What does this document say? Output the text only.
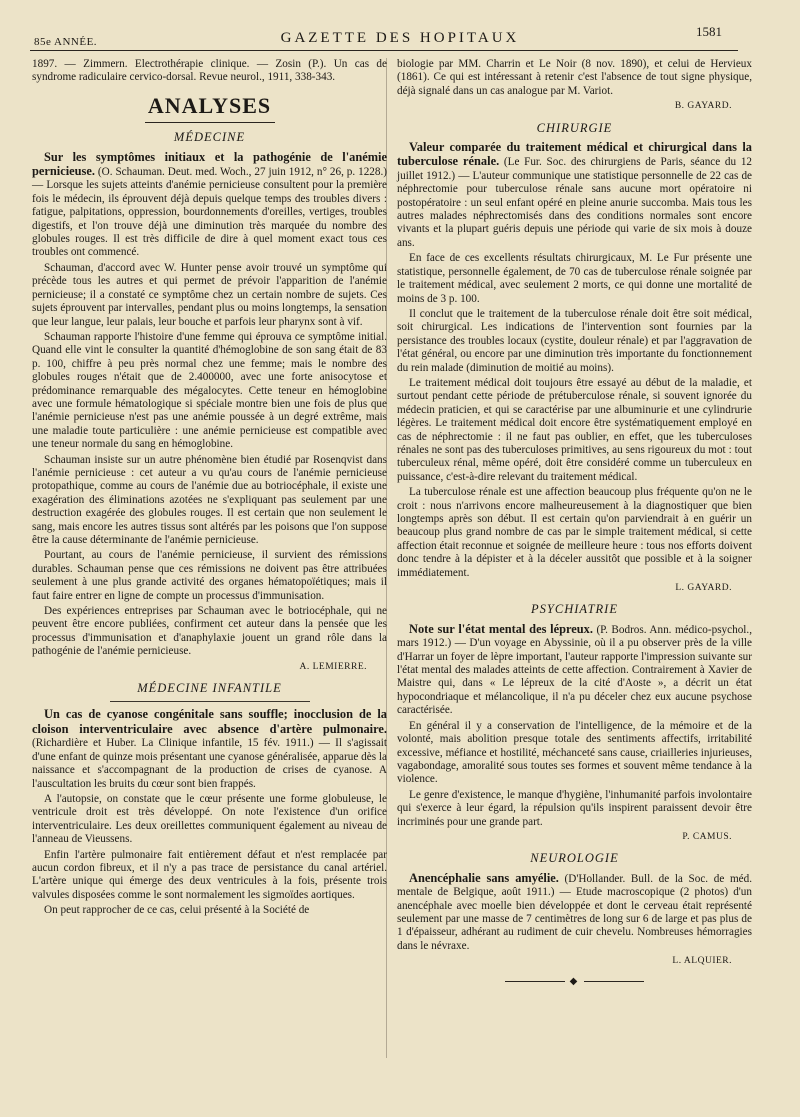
85e ANNÉE.	GAZETTE DES HOPITAUX	1581

1897. — Zimmern. Electrothérapie clinique. — Zosin (P.). Un cas de syndrome radiculaire cervico-dorsal. Revue neurol., 1911, 338-343.

ANALYSES
MÉDECINE

Sur les symptômes initiaux et la pathogénie de l'anémie pernicieuse. (O. Schauman. Deut. med. Woch., 27 juin 1912, n° 26, p. 1228.) — Lorsque les sujets atteints d'anémie pernicieuse consultent pour la première fois le médecin, ils éprouvent déjà depuis quelque temps des troubles divers : fatigue, palpitations, oppression, bourdonnements d'oreilles, vertiges, troubles digestifs, et l'on trouve déjà une diminution très marquée du nombre des globules rouges. Il est très difficile de dire à quel moment exact tous ces troubles ont commencé.

Schauman, d'accord avec W. Hunter pense avoir trouvé un symptôme qui précède tous les autres et qui permet de prévoir l'apparition de l'anémie pernicieuse; il a constaté ce symptôme chez un certain nombre de sujets. Ces sujets éprouvent par intervalles, pendant plus ou moins longtemps, la sensation que leur langue, leur palais, leur bouche et parfois leur pharynx sont à vif.

Schauman rapporte l'histoire d'une femme qui éprouva ce symptôme initial. Quand elle vint le consulter la quantité d'hémoglobine de son sang était de 83 p. 100, chiffre à peu près normal chez une femme; mais le nombre des globules rouges n'était que de 2.400000, avec une forte anisocytose et prédominance remarquable des mégalocytes. Cette teneur en hémoglobine avec une formule hématologique si spéciale montre bien une fois de plus que l'anémie pernicieuse n'est pas une anémie poussée à un degré extrême, mais une maladie toute particulière : une anémie pernicieuse est compatible avec une teneur normale du sang en hémoglobine.

Schauman insiste sur un autre phénomène bien étudié par Rosenqvist dans l'anémie pernicieuse : cet auteur a vu qu'au cours de l'anémie pernicieuse protopathique, comme au cours de l'anémie due au botriocéphale, il existe une exagération des éliminations azotées ne s'expliquant pas seulement par une destruction exagérée des globules rouges. Il est certain que non seulement le sang, mais encore les autres tissus sont altérés par les poisons que l'on suppose être la cause déterminante de l'anémie pernicieuse.

Pourtant, au cours de l'anémie pernicieuse, il survient des rémissions durables. Schauman pense que ces rémissions ne doivent pas être attribuées seulement à une plus grande activité des organes hématopoïétiques; mais il faut faire entrer en ligne de compte un processus d'immunisation.

Des expériences entreprises par Schauman avec le botriocéphale, qui ne peuvent être encore publiées, confirment cet auteur dans la pensée que les processus d'immunisation et d'anaphylaxie jouent un grand rôle dans la pathogénie de l'anémie pernicieuse.

A. LEMIERRE.
MÉDECINE INFANTILE

Un cas de cyanose congénitale sans souffle; inocclusion de la cloison interventriculaire avec absence d'artère pulmonaire. (Richardière et Huber. La Clinique infantile, 15 fév. 1911.) — Il s'agissait d'une enfant de quinze mois présentant une cyanose généralisée, apparue dès la naissance et s'accompagnant de la production de crises de cyanose. A l'auscultation les bruits du cœur sont bien frappés.

A l'autopsie, on constate que le cœur présente une forme globuleuse, le ventricule droit est très développé. On note l'existence d'un orifice interventriculaire. Les deux oreillettes communiquent également au niveau de l'anneau de Vieussens.

Enfin l'artère pulmonaire fait entièrement défaut et n'est remplacée par aucun cordon fibreux, et il n'y a pas trace de persistance du canal artériel. L'artère unique qui émerge des deux ventricules à la fois, présente trois valvules disposées comme le sont normalement les sigmoïdes aortiques.

On peut rapprocher de ce cas, celui présenté à la Société de

biologie par MM. Charrin et Le Noir (8 nov. 1890), et celui de Hervieux (1861). Ce qui est intéressant à retenir c'est l'absence de tout signe physique, déjà signalé dans un cas analogue par M. Variot.

B. GAYARD.
CHIRURGIE

Valeur comparée du traitement médical et chirurgical dans la tuberculose rénale. (Le Fur. Soc. des chirurgiens de Paris, séance du 12 juillet 1912.) — L'auteur communique une statistique personnelle de 22 cas de néphrectomie pour tuberculose rénale sans aucune mort opératoire ni postopératoire : un seul enfant opéré en pleine anurie succomba. Mais tous les autres malades néphrectomisés dans des conditions normales sont encore vivants et la plupart guéris depuis une période qui varie de six mois à douze ans.

En face de ces excellents résultats chirurgicaux, M. Le Fur présente une statistique, personnelle également, de 70 cas de tuberculose rénale soignée par le traitement médical, avec seulement 2 morts, ce qui donne une mortalité de moins de 3 p. 100.

Il conclut que le traitement de la tuberculose rénale doit être soit médical, soit chirurgical. Les indications de l'intervention sont fournies par la persistance des troubles locaux (cystite, douleur rénale) et par l'aggravation de l'état général, ou encore par une diminution très importante du fonctionnement du rein malade (diminution de moitié au moins).

Le traitement médical doit toujours être essayé au début de la maladie, et surtout pendant cette période de prétuberculose rénale, si souvent ignorée du médecin praticien, et qui se caractérise par une albuminurie et une cylindrurie légères. Le traitement médical doit encore être systématiquement employé en cas de néphrectomie : il ne faut pas oublier, en effet, que les tuberculoses rénales ne sont pas des tuberculoses primitives, au sens rigoureux du mot : tout tuberculeux rénal, même opéré, doit être considéré comme un tuberculeux en puissance, c'est-à-dire relevant du traitement médical.

La tuberculose rénale est une affection beaucoup plus fréquente qu'on ne le croit : nous n'arrivons encore malheureusement à la diagnostiquer que bien longtemps après son début. Il est certain qu'on parviendrait à en guérir un beaucoup plus grand nombre de cas par le simple traitement médical, si cette affection était reconnue et soignée de meilleure heure : tous nos efforts doivent donc tendre à la dépister et à la déceler aussitôt que possible et à la soigner immédiatement.

L. GAYARD.
PSYCHIATRIE

Note sur l'état mental des lépreux. (P. Bodros. Ann. médico-psychol., mars 1912.) — D'un voyage en Abyssinie, où il a pu observer près de la ville d'Harrar un foyer de lèpre important, l'auteur rapporte l'impression suivante sur l'état mental des malades atteints de cette affection. Contrairement à Xavier de Maistre qui, dans « Le lépreux de la cité d'Aoste », a décrit un état hypocondriaque et mélancolique, il n'a pu déceler chez eux aucune psychose caractérisée.

En général il y a conservation de l'intelligence, de la mémoire et de la volonté, mais abolition presque totale des sentiments affectifs, irritabilité excessive, méfiance et hostilité, méchanceté sans cause, criailleries injurieuses, vagabondage, amoralité sous toutes ses formes et souvent même tendance à la violence.

Le genre d'existence, le manque d'hygiène, l'inhumanité parfois involontaire qui s'exerce à leur égard, la répulsion qu'ils inspirent paraissent devoir être incriminés pour une grande part.

P. CAMUS.
NEUROLOGIE

Anencéphalie sans amyélie. (D'Hollander. Bull. de la Soc. de méd. mentale de Belgique, août 1911.) — Etude macroscopique (2 photos) d'un anencéphale avec moelle bien développée et dont le cerveau était représenté seulement par une masse de 7 centimètres de long sur 6 de large et pas plus de 1 d'épaisseur, adhérant au rudiment de cuir chevelu. Nombreuses hémorragies dans le névraxe.

L. ALQUIER.
◆
